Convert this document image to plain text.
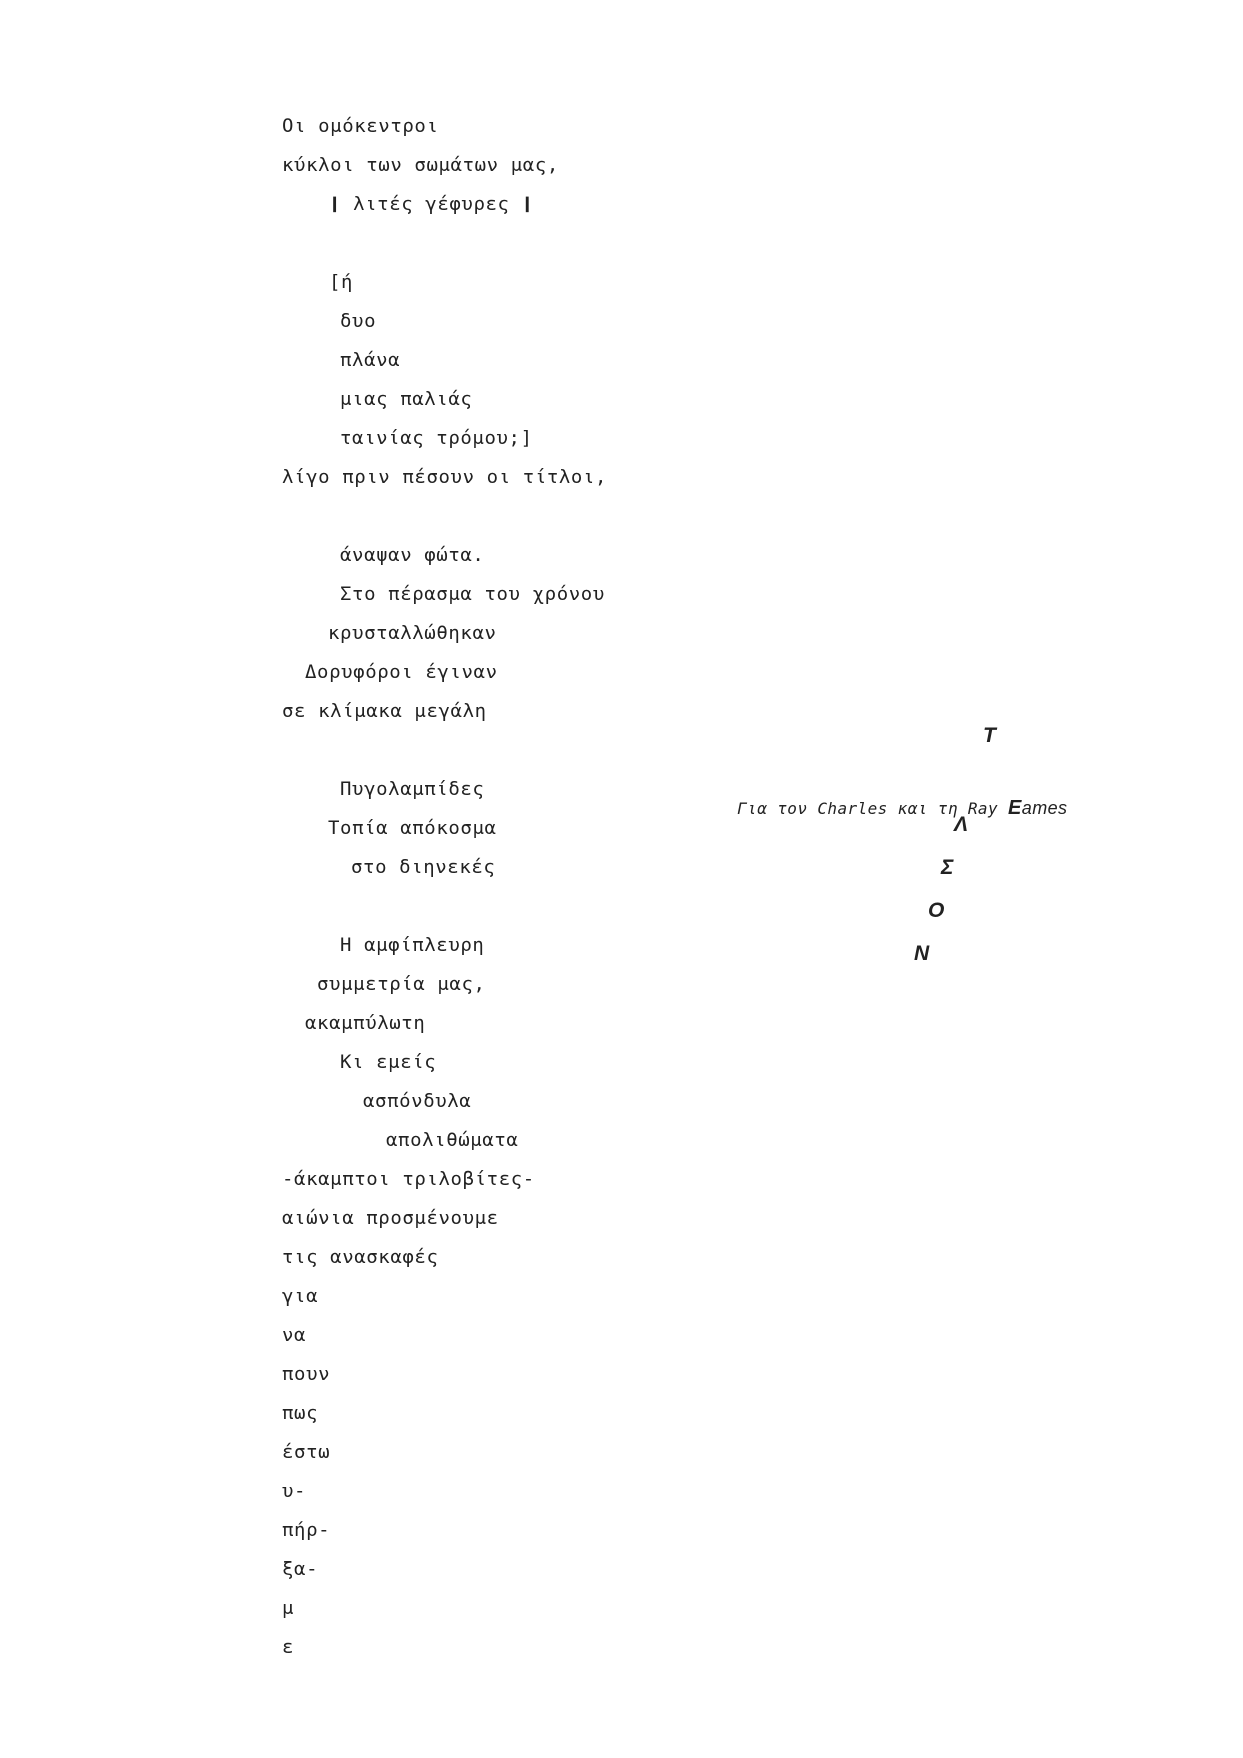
Οι ομόκεντροι

κύκλοι των σωμάτων μας,

❙ λιτές γέφυρες ❙

[ή

δυο

πλάνα

μιας παλιάς

ταινίας τρόμου;]

λίγο πριν πέσουν οι τίτλοι,

άναψαν φώτα.

Στο πέρασμα του χρόνου

κρυσταλλώθηκαν

Δορυφόροι έγιναν

σε κλίμακα μεγάλη

Πυγολαμπίδες

Τοπία απόκοσμα

στο διηνεκές

Η αμφίπλευρη

συμμετρία μας,

ακαμπύλωτη

Κι εμείς

ασπόνδυλα

απολιθώματα

-άκαμπτοι τριλοβίτες-

αιώνια προσμένουμε

τις ανασκαφές

για

να

πουν

πως

έστω

υ-

πήρ-

ξα-

μ

ε

Για τον Charles και τη Ray Eames

T
Λ
Σ
O
N
